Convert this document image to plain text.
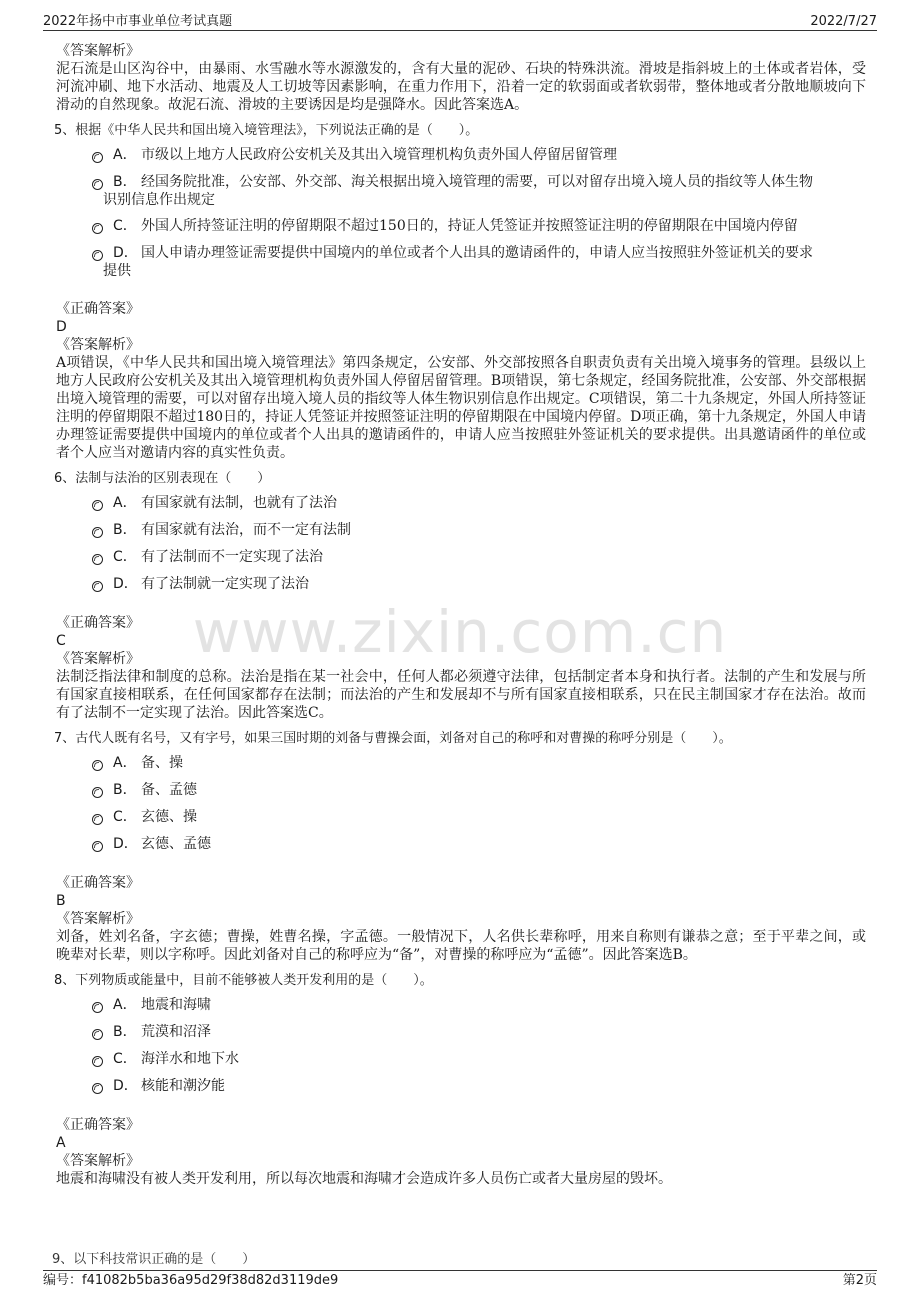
2022年扬中市事业单位考试真题	2022/7/27
www.zixin.com.cn

《答案解析》

泥石流是山区沟谷中，由暴雨、水雪融水等水源激发的，含有大量的泥砂、石块的特殊洪流。滑坡是指斜坡上的土体或者岩体，受河流冲刷、地下水活动、地震及人工切坡等因素影响，在重力作用下，沿着一定的软弱面或者软弱带，整体地或者分散地顺坡向下滑动的自然现象。故泥石流、滑坡的主要诱因是均是强降水。因此答案选A。

5、根据《中华人民共和国出境入境管理法》，下列说法正确的是（　　）。

A． 市级以上地方人民政府公安机关及其出入境管理机构负责外国人停留居留管理
B． 经国务院批准，公安部、外交部、海关根据出境入境管理的需要，可以对留存出境入境人员的指纹等人体生物
识别信息作出规定
C． 外国人所持签证注明的停留期限不超过150日的，持证人凭签证并按照签证注明的停留期限在中国境内停留
D． 国人申请办理签证需要提供中国境内的单位或者个人出具的邀请函件的，申请人应当按照驻外签证机关的要求
提供

《正确答案》

D

《答案解析》

A项错误，《中华人民共和国出境入境管理法》第四条规定，公安部、外交部按照各自职责负责有关出境入境事务的管理。县级以上地方人民政府公安机关及其出入境管理机构负责外国人停留居留管理。B项错误，第七条规定，经国务院批准，公安部、外交部根据出境入境管理的需要，可以对留存出境入境人员的指纹等人体生物识别信息作出规定。C项错误，第二十九条规定，外国人所持签证注明的停留期限不超过180日的，持证人凭签证并按照签证注明的停留期限在中国境内停留。D项正确，第十九条规定，外国人申请办理签证需要提供中国境内的单位或者个人出具的邀请函件的，申请人应当按照驻外签证机关的要求提供。出具邀请函件的单位或者个人应当对邀请内容的真实性负责。

6、法制与法治的区别表现在（　　）

A． 有国家就有法制，也就有了法治
B． 有国家就有法治，而不一定有法制
C． 有了法制而不一定实现了法治
D． 有了法制就一定实现了法治

《正确答案》

C

《答案解析》

法制泛指法律和制度的总称。法治是指在某一社会中，任何人都必须遵守法律，包括制定者本身和执行者。法制的产生和发展与所有国家直接相联系，在任何国家都存在法制；而法治的产生和发展却不与所有国家直接相联系，只在民主制国家才存在法治。故而有了法制不一定实现了法治。因此答案选C。

7、古代人既有名号，又有字号，如果三国时期的刘备与曹操会面，刘备对自己的称呼和对曹操的称呼分别是（　　）。

A． 备、操
B． 备、孟德
C． 玄德、操
D． 玄德、孟德

《正确答案》

B

《答案解析》

刘备，姓刘名备，字玄德；曹操，姓曹名操，字孟德。一般情况下，人名供长辈称呼，用来自称则有谦恭之意；至于平辈之间，或晚辈对长辈，则以字称呼。因此刘备对自己的称呼应为“备”，对曹操的称呼应为“孟德”。因此答案选B。

8、下列物质或能量中，目前不能够被人类开发利用的是（　　）。

A． 地震和海啸
B． 荒漠和沼泽
C． 海洋水和地下水
D． 核能和潮汐能

《正确答案》

A

《答案解析》

地震和海啸没有被人类开发利用，所以每次地震和海啸才会造成许多人员伤亡或者大量房屋的毁坏。

9、以下科技常识正确的是（　　）
编号：f41082b5ba36a95d29f38d82d3119de9	第2页
